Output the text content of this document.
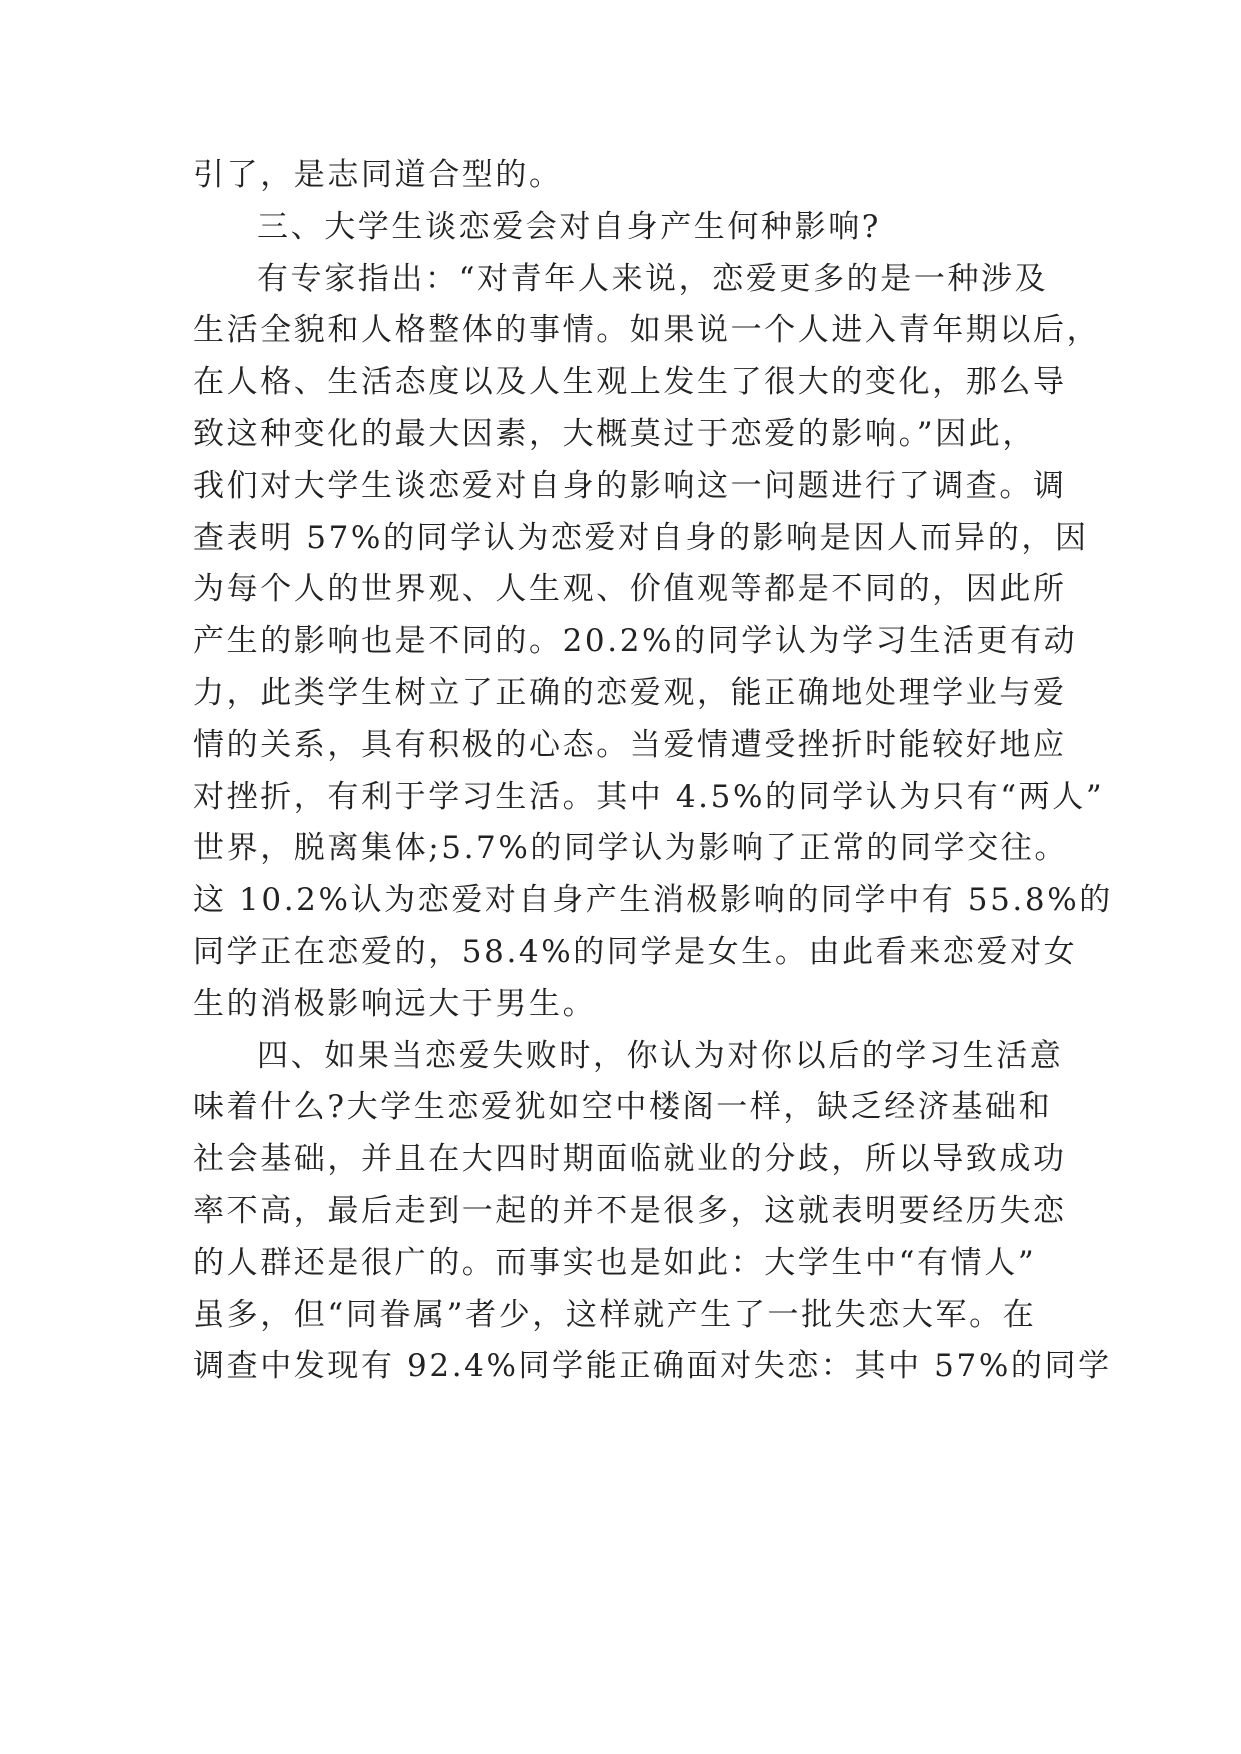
引了，是志同道合型的。
三、大学生谈恋爱会对自身产生何种影响?
有专家指出：“对青年人来说，恋爱更多的是一种涉及
生活全貌和人格整体的事情。如果说一个人进入青年期以后，
在人格、生活态度以及人生观上发生了很大的变化，那么导
致这种变化的最大因素，大概莫过于恋爱的影响。”因此，
我们对大学生谈恋爱对自身的影响这一问题进行了调查。调
查表明 57%的同学认为恋爱对自身的影响是因人而异的，因
为每个人的世界观、人生观、价值观等都是不同的，因此所
产生的影响也是不同的。20.2%的同学认为学习生活更有动
力，此类学生树立了正确的恋爱观，能正确地处理学业与爱
情的关系，具有积极的心态。当爱情遭受挫折时能较好地应
对挫折，有利于学习生活。其中 4.5%的同学认为只有“两人”
世界，脱离集体;5.7%的同学认为影响了正常的同学交往。
这 10.2%认为恋爱对自身产生消极影响的同学中有 55.8%的
同学正在恋爱的，58.4%的同学是女生。由此看来恋爱对女
生的消极影响远大于男生。
四、如果当恋爱失败时，你认为对你以后的学习生活意
味着什么?大学生恋爱犹如空中楼阁一样，缺乏经济基础和
社会基础，并且在大四时期面临就业的分歧，所以导致成功
率不高，最后走到一起的并不是很多，这就表明要经历失恋
的人群还是很广的。而事实也是如此：大学生中“有情人”
虽多，但“同眷属”者少，这样就产生了一批失恋大军。在
调查中发现有 92.4%同学能正确面对失恋：其中 57%的同学
